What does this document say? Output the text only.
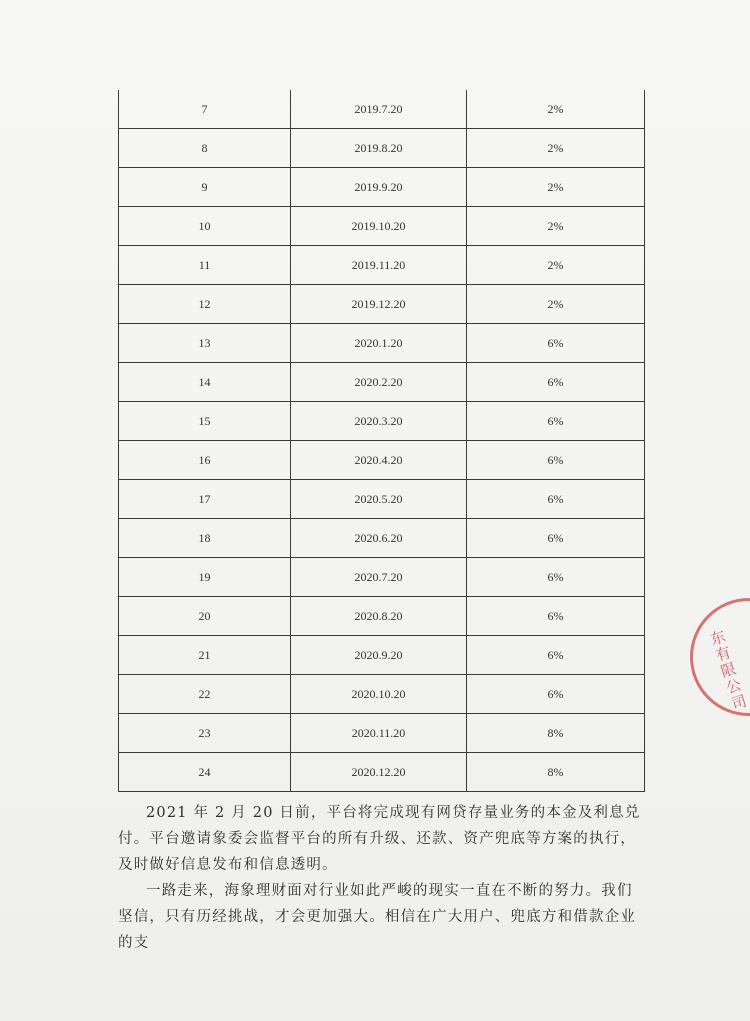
7	2019.7.20	2%
8	2019.8.20	2%
9	2019.9.20	2%
10	2019.10.20	2%
11	2019.11.20	2%
12	2019.12.20	2%
13	2020.1.20	6%
14	2020.2.20	6%
15	2020.3.20	6%
16	2020.4.20	6%
17	2020.5.20	6%
18	2020.6.20	6%
19	2020.7.20	6%
20	2020.8.20	6%
21	2020.9.20	6%
22	2020.10.20	6%
23	2020.11.20	8%
24	2020.12.20	8%

2021 年 2 月 20 日前，平台将完成现有网贷存量业务的本金及利息兑付。平台邀请象委会监督平台的所有升级、还款、资产兜底等方案的执行，及时做好信息发布和信息透明。

一路走来，海象理财面对行业如此严峻的现实一直在不断的努力。我们坚信，只有历经挑战，才会更加强大。相信在广大用户、兜底方和借款企业的支

东有限公司
